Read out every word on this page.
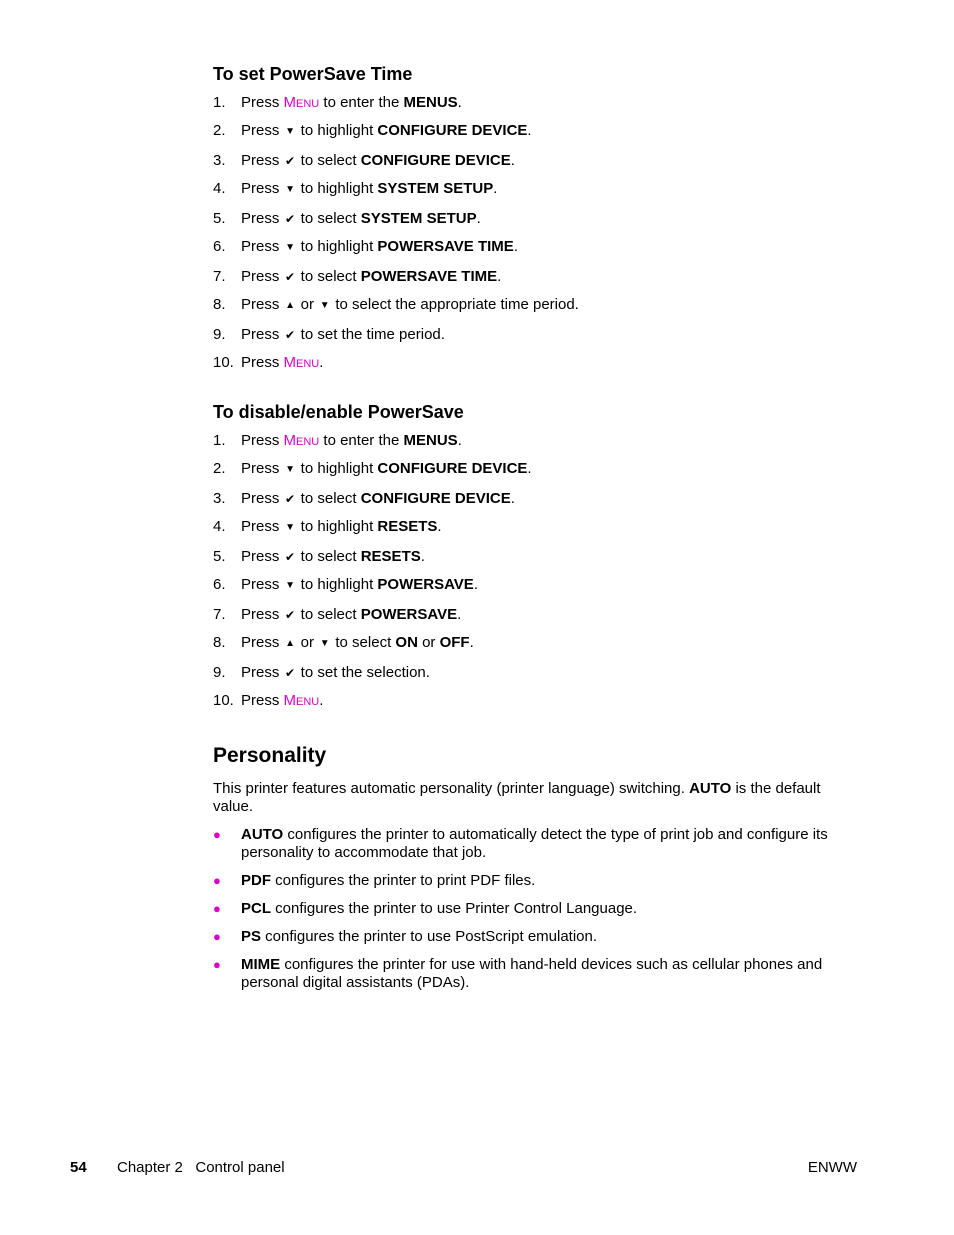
To set PowerSave Time
1. Press Menu to enter the MENUS.
2. Press ▼ to highlight CONFIGURE DEVICE.
3. Press ✔ to select CONFIGURE DEVICE.
4. Press ▼ to highlight SYSTEM SETUP.
5. Press ✔ to select SYSTEM SETUP.
6. Press ▼ to highlight POWERSAVE TIME.
7. Press ✔ to select POWERSAVE TIME.
8. Press ▲ or ▼ to select the appropriate time period.
9. Press ✔ to set the time period.
10. Press Menu.
To disable/enable PowerSave
1. Press Menu to enter the MENUS.
2. Press ▼ to highlight CONFIGURE DEVICE.
3. Press ✔ to select CONFIGURE DEVICE.
4. Press ▼ to highlight RESETS.
5. Press ✔ to select RESETS.
6. Press ▼ to highlight POWERSAVE.
7. Press ✔ to select POWERSAVE.
8. Press ▲ or ▼ to select ON or OFF.
9. Press ✔ to set the selection.
10. Press Menu.
Personality

This printer features automatic personality (printer language) switching. AUTO is the default value.

● AUTO configures the printer to automatically detect the type of print job and configure its personality to accommodate that job.
● PDF configures the printer to print PDF files.
● PCL configures the printer to use Printer Control Language.
● PS configures the printer to use PostScript emulation.
● MIME configures the printer for use with hand-held devices such as cellular phones and personal digital assistants (PDAs).
54 Chapter 2   Control panel	ENWW
